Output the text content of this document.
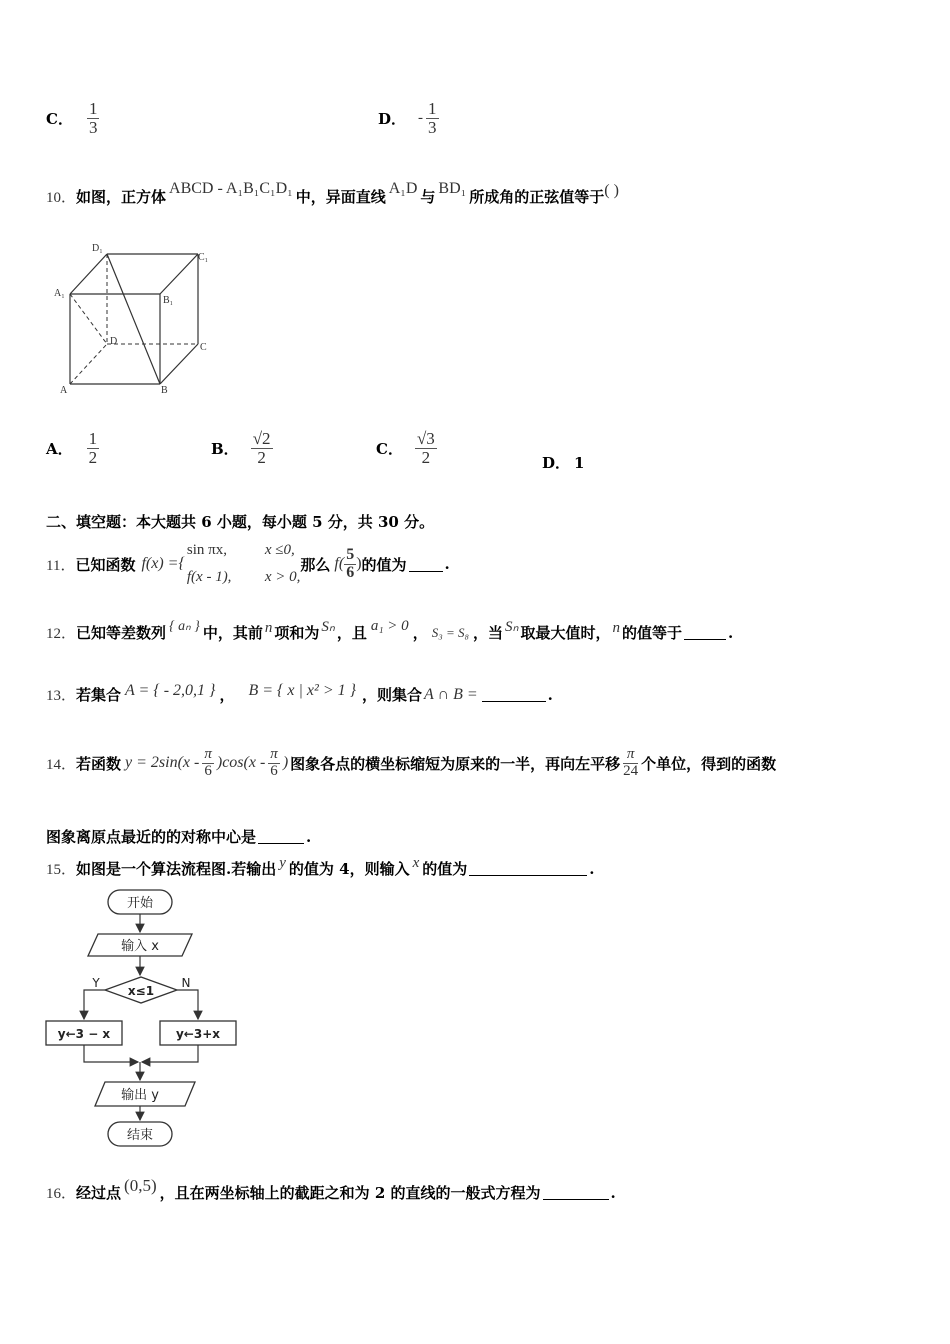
C． $\frac{1}{3}$	D． - $\frac{1}{3}$
10． 如图，正方体 ABCD - A₁B₁C₁D₁ 中，异面直线 A₁D 与 BD₁ 所成角的正弦值等于 ( )
D₁
C₁
A₁
B₁
D
C
A	B
A． $\frac{1}{2}$	B． $\frac{√2}{2}$	C． $\frac{√3}{2}$	D． 1
二、填空题：本大题共 6 小题，每小题 5 分，共 30 分。
11． 已知函数 f(x) ={
sin πx,	x ≤0,
f(x - 1),	x > 0,
那么 $f( \frac{5}{6}$ ) 的值为	.
12． 已知等差数列 { aₙ } 中，其前 n 项和为 Sₙ ，且 a₁ > 0 ， S₃ = S₈ ，当 Sₙ 取最大值时， n 的值等于	.
13． 若集合 A = { - 2,0,1 } ， B = { x | x² > 1 } ，则集合 A ∩ B =	.
14． 若函数 $y = 2\sin(x - \frac{\pi}{6} )\cos(x - \frac{\pi}{6}$ ) 图象各点的横坐标缩短为原来的一半，再向左平移 $\frac{\pi}{24}$ 个单位，得到的函数
图象离原点最近的的对称中心是	.
15． 如图是一个算法流程图.若输出 y 的值为 4，则输入 x 的值为	.
开始
输入 x
x≤1
Y	N
y←3 − x	y←3+x
输出 y
结束
16． 经过点 (0,5) ，且在两坐标轴上的截距之和为 2 的直线的一般式方程为	.
